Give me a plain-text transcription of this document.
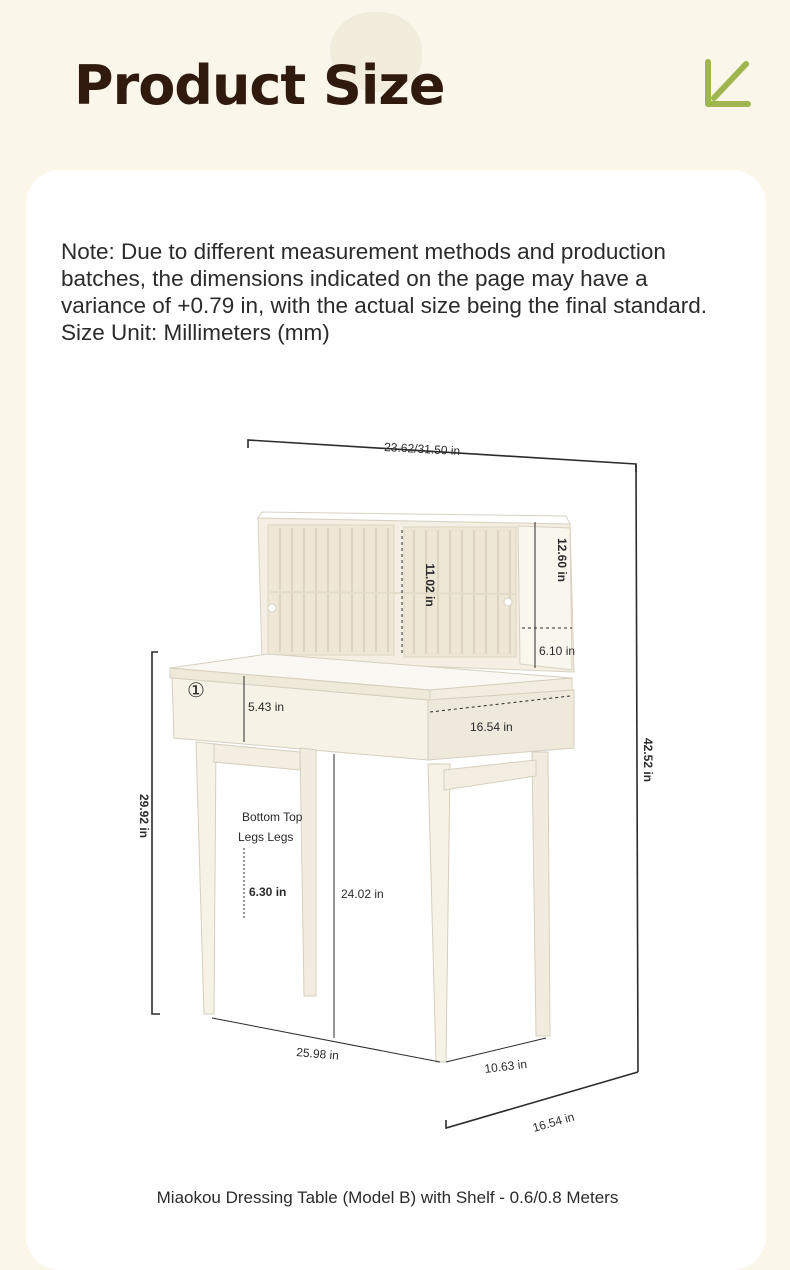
Product Size

Note: Due to different measurement methods and production batches, the dimensions indicated on the page may have a variance of +0.79 in, with the actual size being the final standard. Size Unit: Millimeters (mm)

23.62/31.50 in
12.60 in
11.02 in
6.10 in
5.43 in
16.54 in
42.52 in
29.92 in	Bottom Top
Legs Legs
6.30 in	24.02 in
25.98 in
10.63 in
16.54 in
①

Miaokou Dressing Table (Model B) with Shelf - 0.6/0.8 Meters
